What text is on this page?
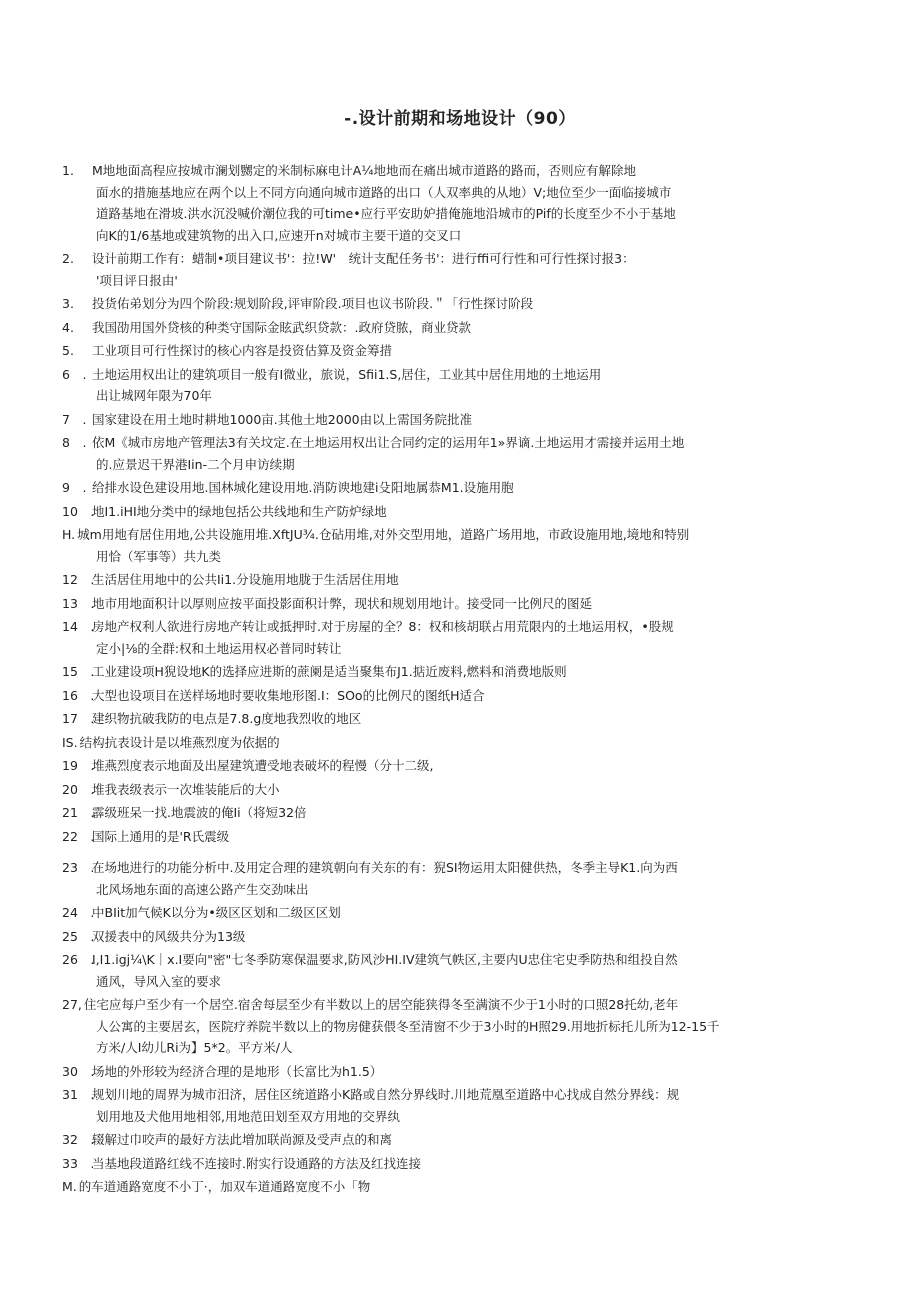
-.设计前期和场地设计（90）
1. M地地面高程应按城市澜划嬲定的米制标麻电计A¼地地而在痛出城市道路的路而，否则应有解除地
面水的措施基地应在两个以上不同方向通向城市道路的出口（人双率典的从地）V;地位至少一面临接城市
道路基地在滑坡.洪水沉没喊价潮位我的可time•应行平安助妒措俺施地沿城市的Pif的长度至少不小于基地
向K的1/6基地或建筑物的出入口,应速开n对城市主要干道的交叉口
2. 设计前期工作有：蜡制•项目建议书'：拉!W'　统计支配任务书'：进行ffi可行性和可行性探讨报3：
'项目评日报由'
3. 投货佑弟划分为四个阶段:规划阶段,评审阶段.项目也议书阶段.＂「行性探讨阶段
4. 我国劭用国外贷核的种类守国际金眩武织贷款：.政府贷脓，商业贷款
5. 工业项目可行性探讨的核心内容是投资估算及资金筹措
6　. 土地运用权出让的建筑项目一般有I微业，旅说，Sfii1.S,居住，工业其中居住用地的土地运用
出让城网年限为70年
7　. 国家建设在用土地时耕地1000亩.其他土地2000由以上需国务院批准
8　. 依M《城市房地产管理法3有关坟定.在土地运用权出让合同约定的运用年1»界谪.土地运用才需接并运用土地
的.应景迟干界港Iin-二个月申访续期
9　. 给排水设色建设用地.国林城化建设用地.消防谀地建i殳阳地属恭M1.设施用胞
10　.地I1.iHI地分类中的绿地包括公共线地和生产防炉绿地
H. 城m用地有居住用地,公共设施用堆.XftJU¾.仓砧用堆,对外交型用地，道路广场用地，市政设施用地,境地和特别
用恰（军事等）共九类
12　.生活居住用地中的公共Ii1.分设施用地胧于生活居住用地
13　.地市用地面积计以厚则应按平面投影面积计弊，现状和规划用地计。接受同一比例尺的图延
14　.房地产权利人欲进行房地产转让或抵押时.对于房屋的全？8：权和核胡联占用荒限内的土地运用权，•股规
定小|⅛的全群:权和土地运用权必普同时转让
15　.工业建设项H猊设地K的选择应进斯的蔗阑是适当聚集布J1.掂近废料,燃料和消费地版则
16　.大型也设项目在送样场地时要收集地形图.I：SOo的比例尺的图纸H适合
17　.建织物抗破我防的电点是7.8.g度地我烈收的地区
IS. 结构抗表设计是以堆燕烈度为依据的
19　.堆燕烈度表示地面及出屋建筑遭受地表破坏的程慢（分十二级,
20　.堆我表级表示一次堆装能后的大小
21　.霹级班呆一找.地震波的俺Ii（将短32倍
22　.国际上通用的是'R氏震级
23　.在场地进行的功能分析中.及用定合理的建筑朝向有关东的有：猊SI物运用太阳健供热，冬季主导K1.向为西
北风场地东面的高速公路产生交劲味出
24　.中BIit加气候K以分为•级区区划和二级区区划
25　.双援表中的风级共分为13级
26　.I,I1.igj¼\K｜x.I要向"密"七冬季防寒保温要求,防风沙HI.IV建筑气帙区,主要内U忠住宅史季防热和组投自然
通风，导风入室的要求
27, 住宅应每户至少有一个居空.宿舍每层至少有半数以上的居空能狭得冬至满演不少于1小时的口照28托幼,老年
人公寓的主要居玄，医院疗养院半数以上的物房健获偎冬至清窗不少于3小时的H照29.用地折标托儿所为12-15千
方米/人I幼儿Ri为】5*2。平方米/人
30　.场地的外形较为经济合理的是地形（长富比为h1.5）
31　.规划川地的周界为城市汨济，居住区统道路小K路或自然分界线时.川地荒凰至道路中心找成自然分界线：规
划用地及犬他用地相邻,用地范田划至双方用地的交界纨
32　.辍解过巾咬声的最好方法此増加联尚源及受声点的和离
33　.当基地段道路红线不连接时.附实行设通路的方法及红找连接
M. 的车道通路宽度不小丁·，加双车道通路宽度不小「物
